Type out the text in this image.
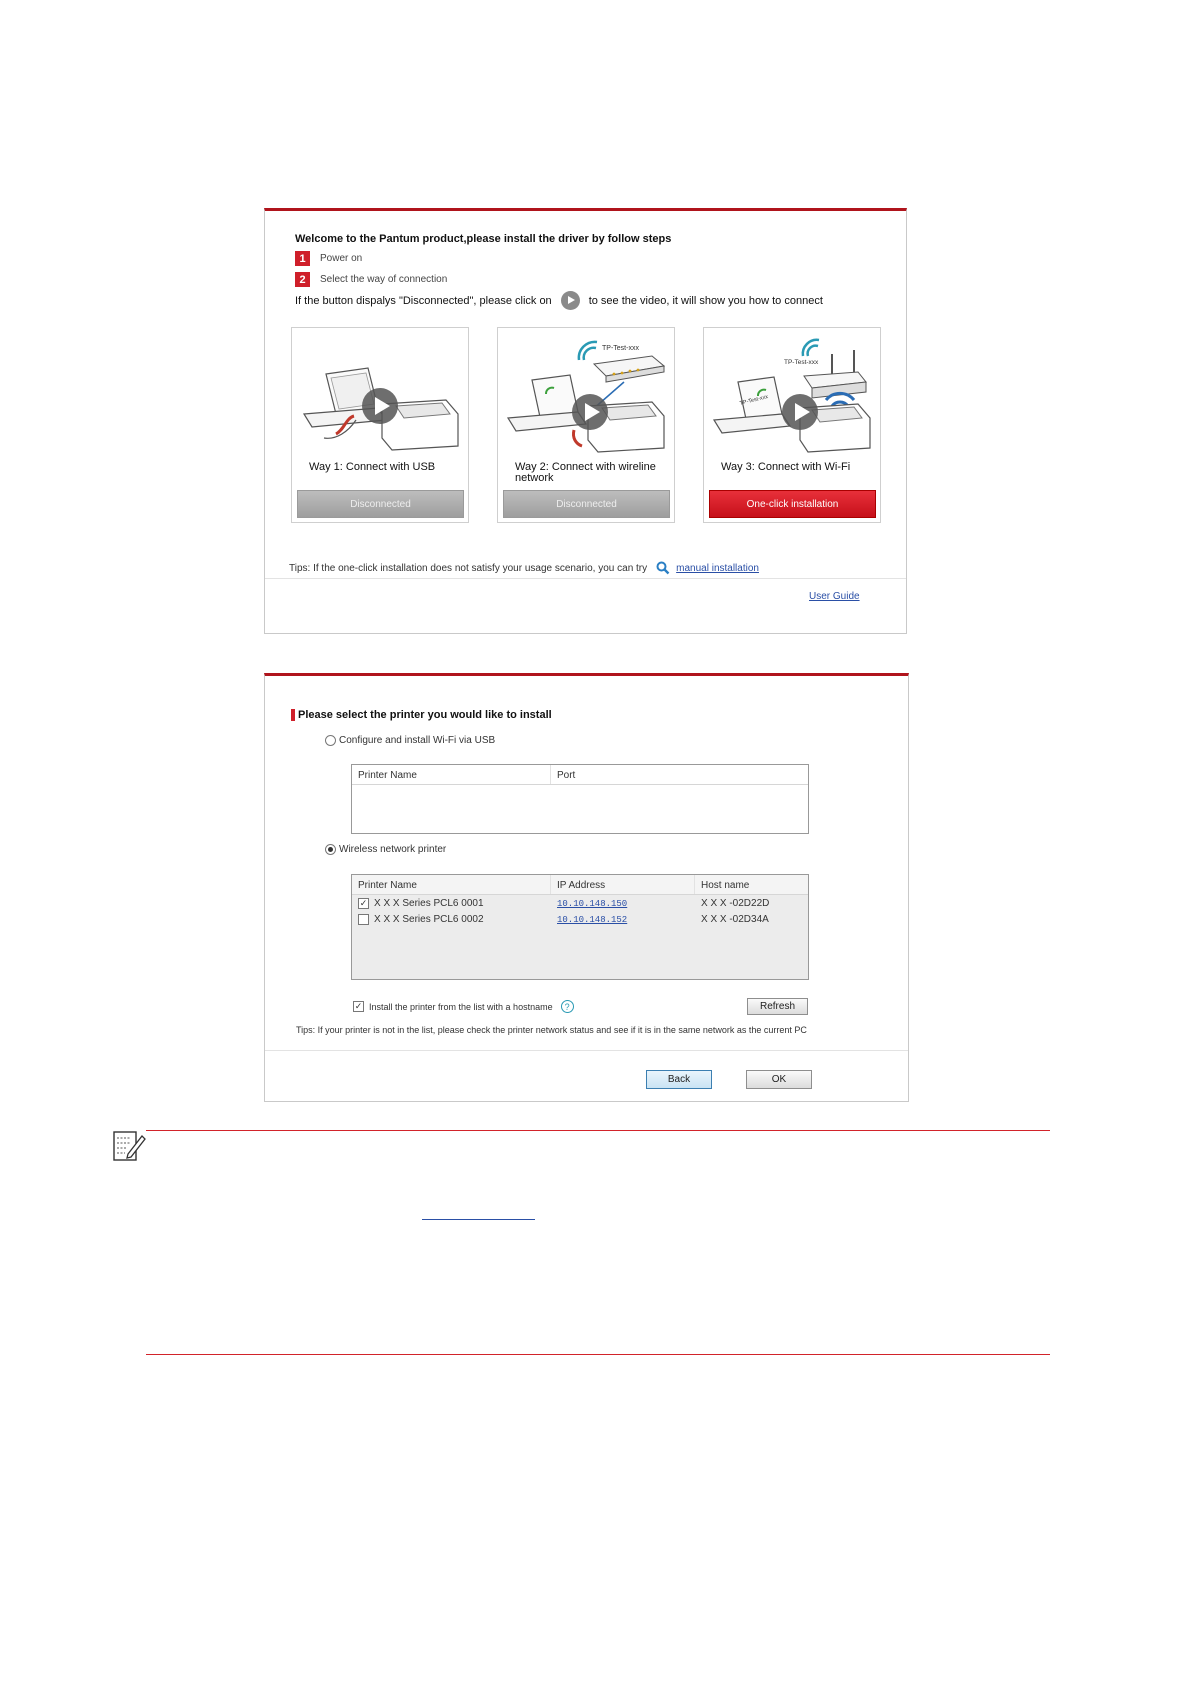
Welcome to the Pantum product,please install the driver by follow steps
1	Power on
2	Select the way of connection
If the button dispalys "Disconnected", please click on	to see the video, it will show you how to connect
Way 1: Connect with USB
Disconnected
TP-Test-xxx
Way 2: Connect with wireline network
Disconnected
TP-Test-xxx
TP-Test-xxx
Way 3: Connect with Wi-Fi
One-click installation
Tips: If the one-click installation does not satisfy your usage scenario, you can try	manual installation
User Guide
Please select the printer you would like to install
Configure and install Wi-Fi via USB
Printer Name	Port
Wireless network printer
Printer Name	IP Address	Host name
✓ X X X Series PCL6 0001	10.10.148.150	X X X -02D22D
X X X Series PCL6 0002	10.10.148.152	X X X -02D34A
✓ Install the printer from the list with a hostname	?	Refresh
Tips: If your printer is not in the list, please check the printer network status and see if it is in the same network as the current PC
Back	OK
